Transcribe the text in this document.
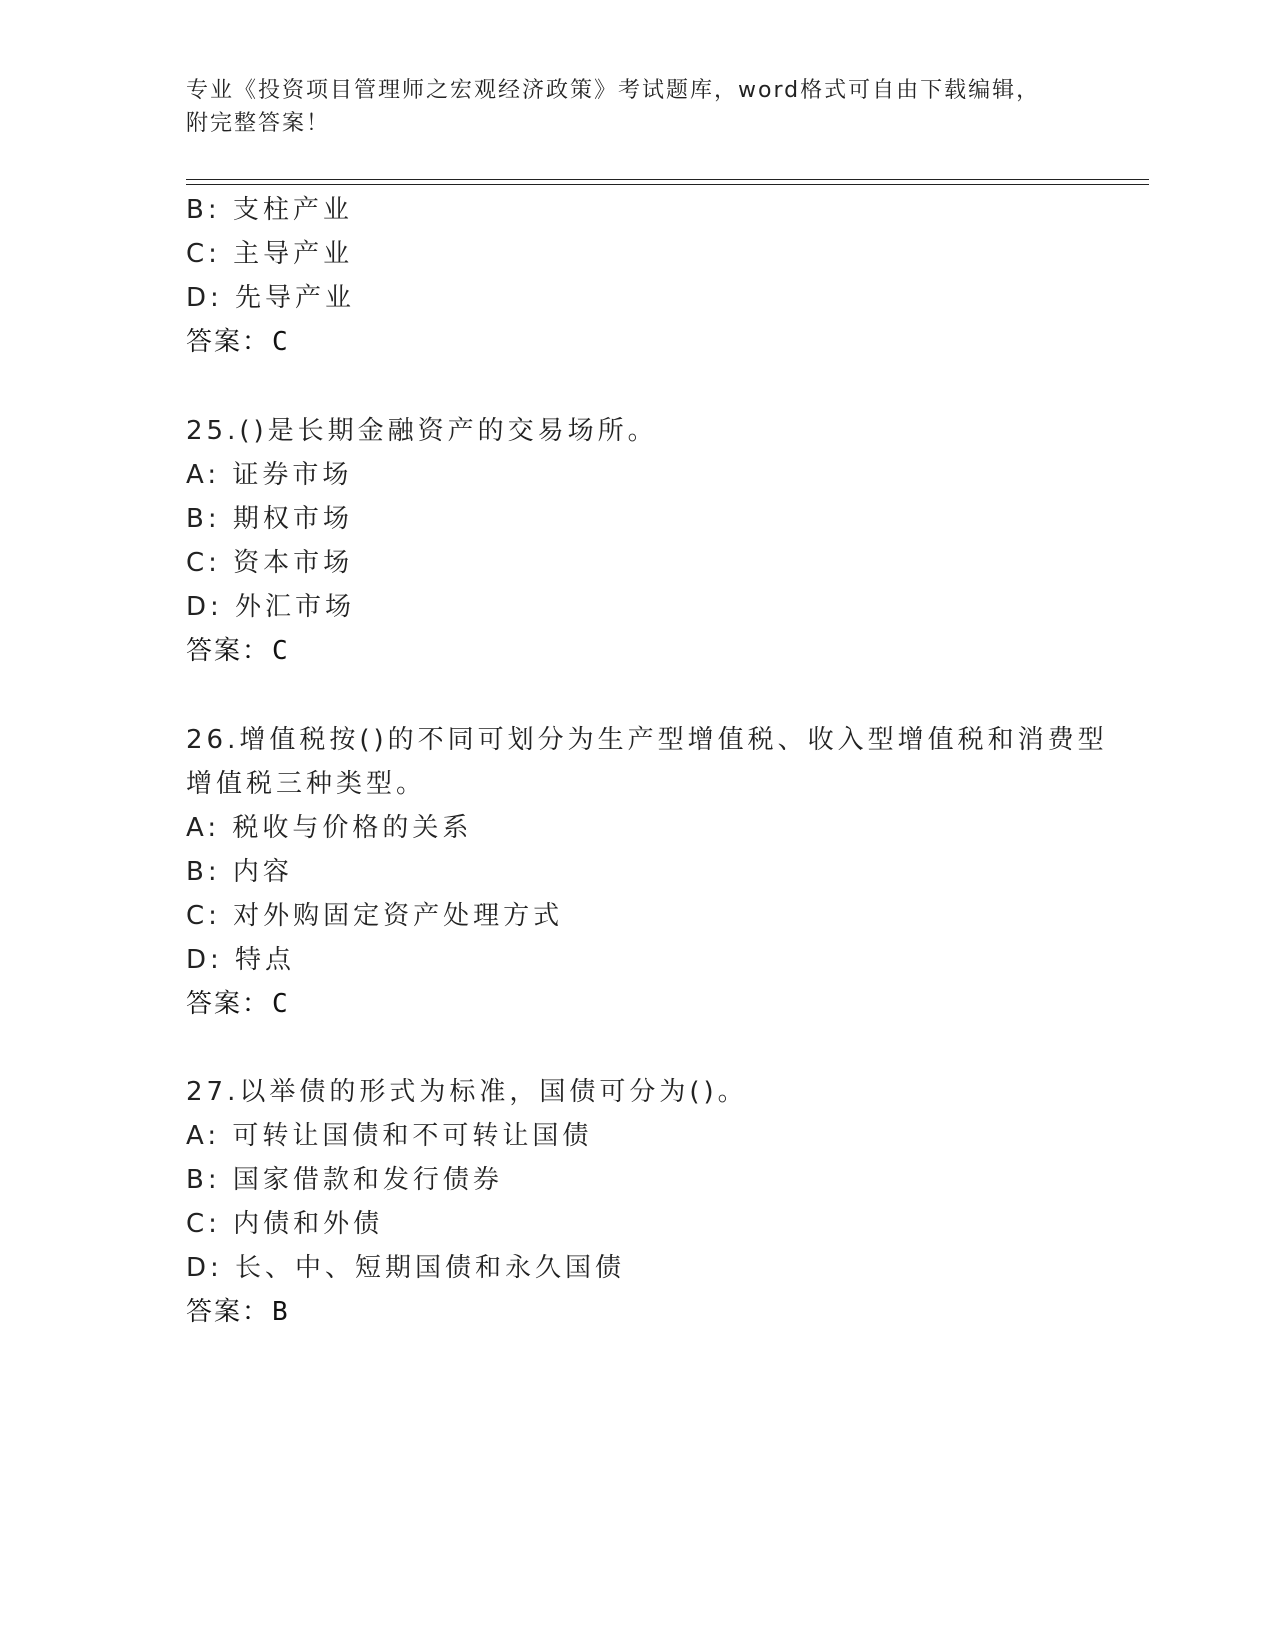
专业《投资项目管理师之宏观经济政策》考试题库，word格式可自由下载编辑，
附完整答案！
B: 支柱产业
C: 主导产业
D: 先导产业
答案：C
25.()是长期金融资产的交易场所。
A: 证券市场
B: 期权市场
C: 资本市场
D: 外汇市场
答案：C
26.增值税按()的不同可划分为生产型增值税、收入型增值税和消费型
增值税三种类型。
A: 税收与价格的关系
B: 内容
C: 对外购固定资产处理方式
D: 特点
答案：C
27.以举债的形式为标准，国债可分为()。
A: 可转让国债和不可转让国债
B: 国家借款和发行债券
C: 内债和外债
D: 长、中、短期国债和永久国债
答案：B
